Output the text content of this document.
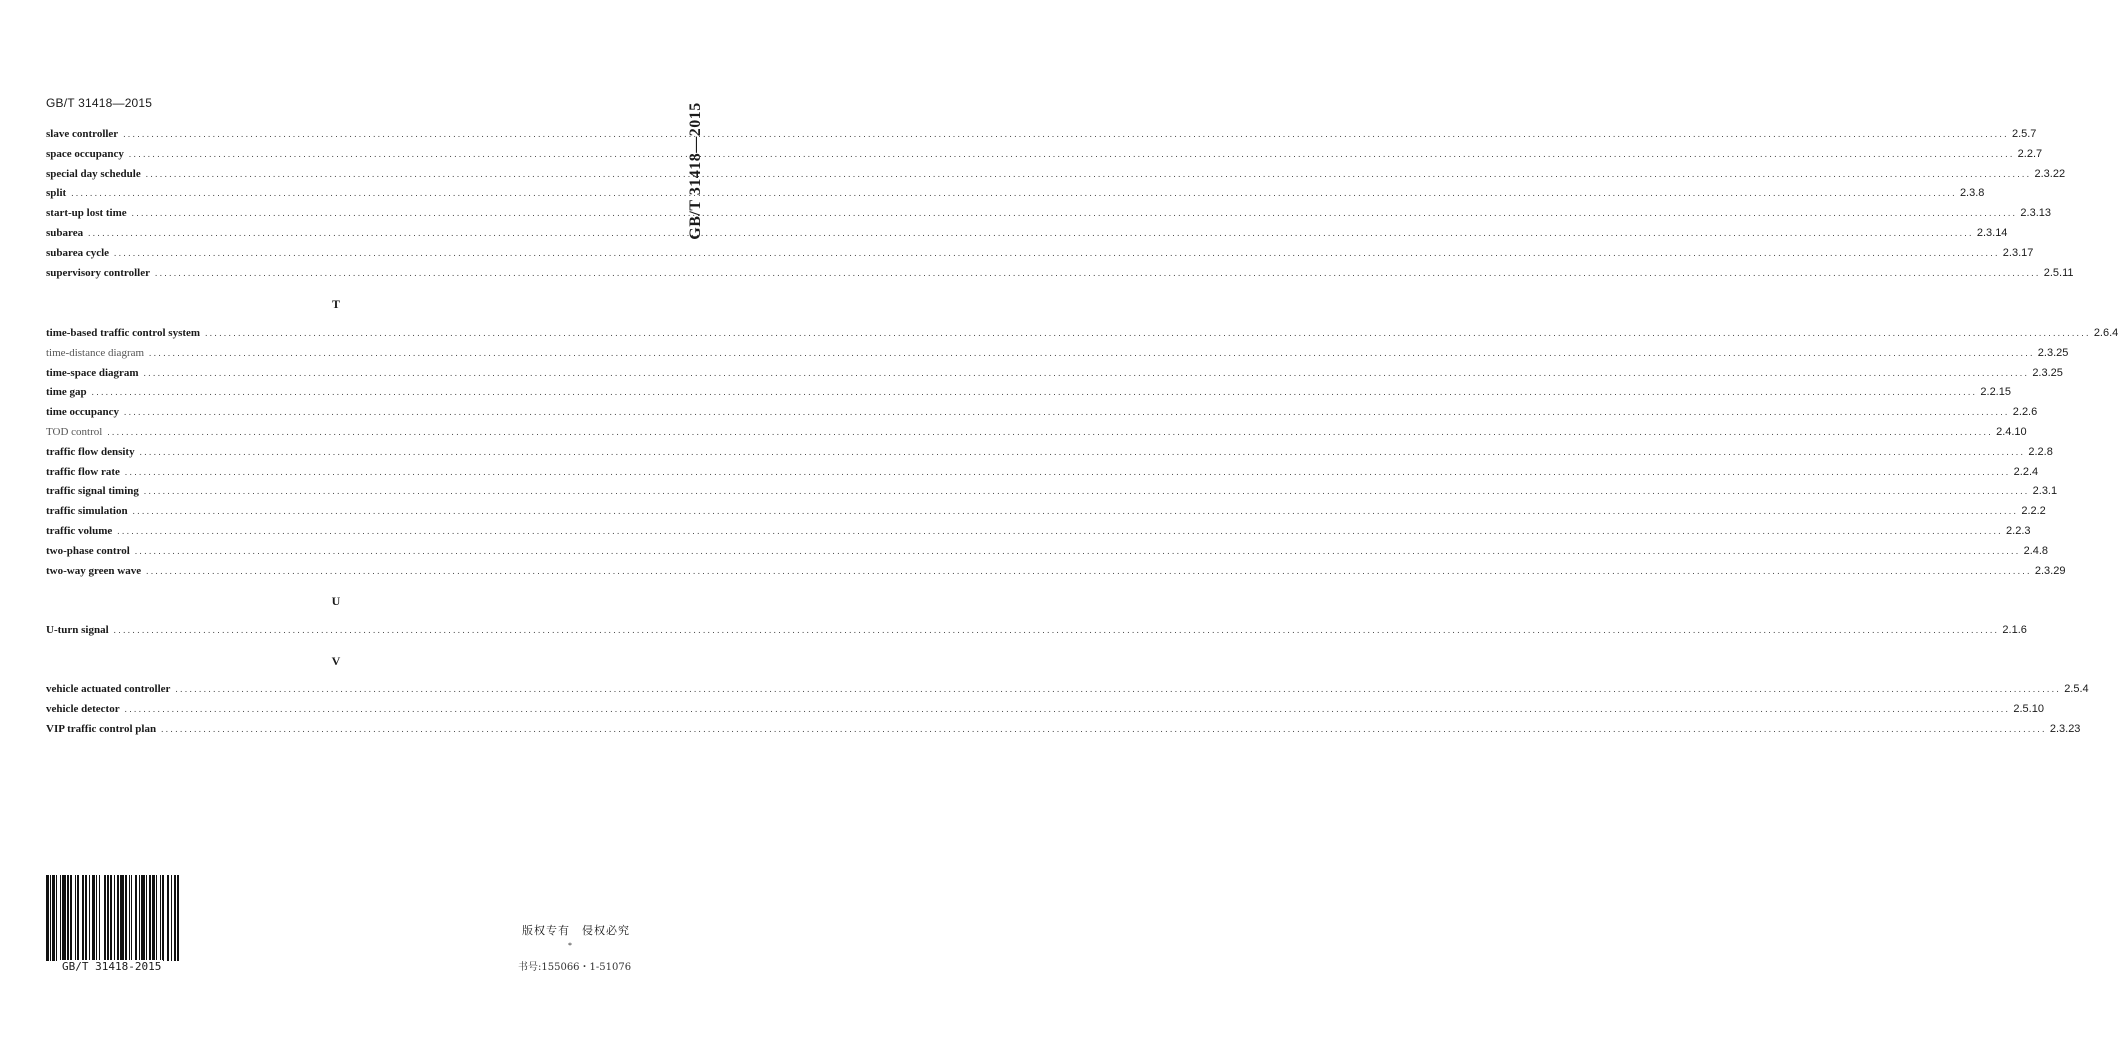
GB/T 31418—2015	GB/T 31418—2015
slave controller ................................................................................................................................................................................................................................................................................................................................................................................................................ 2.5.7
space occupancy ................................................................................................................................................................................................................................................................................................................................................................................................................ 2.2.7
special day schedule ................................................................................................................................................................................................................................................................................................................................................................................................................ 2.3.22
split ................................................................................................................................................................................................................................................................................................................................................................................................................ 2.3.8
start-up lost time ................................................................................................................................................................................................................................................................................................................................................................................................................ 2.3.13
subarea ................................................................................................................................................................................................................................................................................................................................................................................................................ 2.3.14
subarea cycle ................................................................................................................................................................................................................................................................................................................................................................................................................ 2.3.17
supervisory controller ................................................................................................................................................................................................................................................................................................................................................................................................................ 2.5.11
T
time-based traffic control system ................................................................................................................................................................................................................................................................................................................................................................................................................ 2.6.4
time-distance diagram ................................................................................................................................................................................................................................................................................................................................................................................................................ 2.3.25
time-space diagram ................................................................................................................................................................................................................................................................................................................................................................................................................ 2.3.25
time gap ................................................................................................................................................................................................................................................................................................................................................................................................................ 2.2.15
time occupancy ................................................................................................................................................................................................................................................................................................................................................................................................................ 2.2.6
TOD control ................................................................................................................................................................................................................................................................................................................................................................................................................ 2.4.10
traffic flow density ................................................................................................................................................................................................................................................................................................................................................................................................................ 2.2.8
traffic flow rate ................................................................................................................................................................................................................................................................................................................................................................................................................ 2.2.4
traffic signal timing ................................................................................................................................................................................................................................................................................................................................................................................................................ 2.3.1
traffic simulation ................................................................................................................................................................................................................................................................................................................................................................................................................ 2.2.2
traffic volume ................................................................................................................................................................................................................................................................................................................................................................................................................ 2.2.3
two-phase control ................................................................................................................................................................................................................................................................................................................................................................................................................ 2.4.8
two-way green wave ................................................................................................................................................................................................................................................................................................................................................................................................................ 2.3.29
U
U-turn signal ................................................................................................................................................................................................................................................................................................................................................................................................................ 2.1.6
V
vehicle actuated controller ................................................................................................................................................................................................................................................................................................................................................................................................................ 2.5.4
vehicle detector ................................................................................................................................................................................................................................................................................................................................................................................................................ 2.5.10
VIP traffic control plan ................................................................................................................................................................................................................................................................................................................................................................................................................ 2.3.23
GB/T 31418-2015
版权专有　侵权必究
*
书号:155066・1-51076
